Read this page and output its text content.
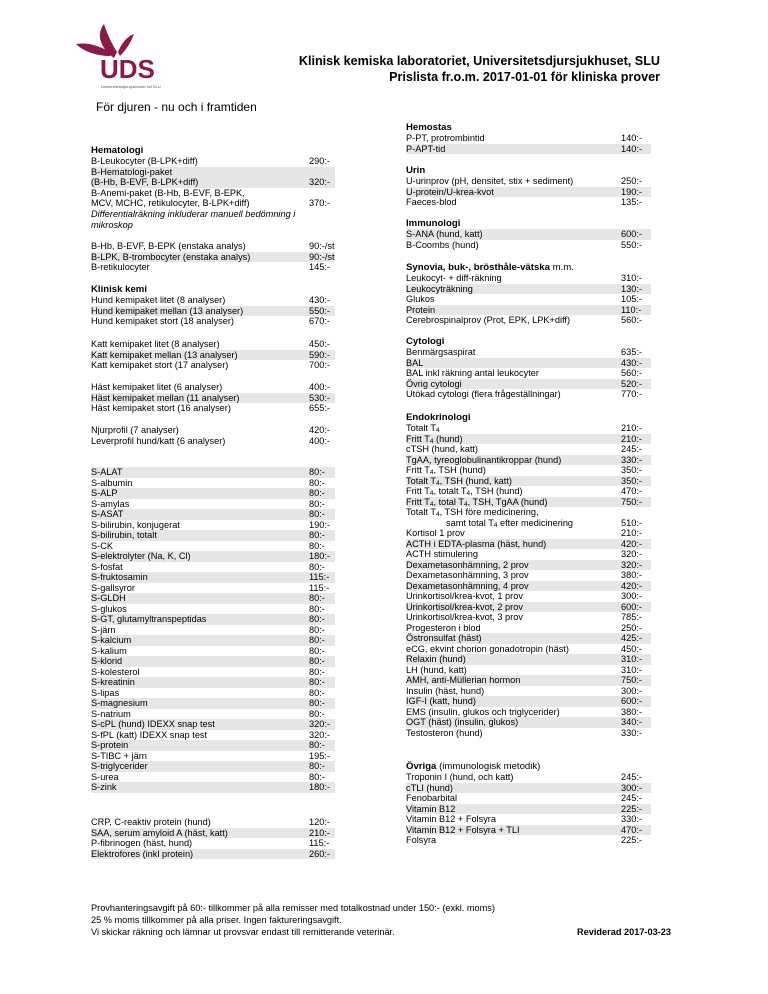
UDS
Universitetsdjursjukhuset vid SLU
Klinisk kemiska laboratoriet, Universitetsdjursjukhuset, SLU
Prislista fr.o.m. 2017-01-01 för kliniska prover
För djuren - nu och i framtiden
Hematologi
B-Leukocyter (B-LPK+diff)	290:-
B-Hematologi-paket
(B-Hb, B-EVF, B-LPK+diff)	320:-
B-Anemi-paket (B-Hb, B-EVF, B-EPK,
MCV, MCHC, retikulocyter, B-LPK+diff)	370:-
Differentialräkning inkluderar manuell bedömning i mikroskop
B-Hb, B-EVF, B-EPK (enstaka analys)	90:-/st
B-LPK, B-trombocyter (enstaka analys)	90:-/st
B-retikulocyter	145:-
Klinisk kemi
Hund kemipaket litet (8 analyser)	430:-
Hund kemipaket mellan (13 analyser)	550:-
Hund kemipaket stort (18 analyser)	670:-
Katt kemipaket litet (8 analyser)	450:-
Katt kemipaket mellan (13 analyser)	590:-
Katt kemipaket stort (17 analyser)	700:-
Häst kemipaket litet (6 analyser)	400:-
Häst kemipaket mellan (11 analyser)	530:-
Häst kemipaket stort (16 analyser)	655:-
Njurprofil (7 analyser)	420:-
Leverprofil hund/katt (6 analyser)	400:-
S-ALAT	80:-
S-albumin	80:-
S-ALP	80:-
S-amylas	80:-
S-ASAT	80:-
S-bilirubin, konjugerat	190:-
S-bilirubin, totalt	80:-
S-CK	80:-
S-elektrolyter (Na, K, Cl)	180:-
S-fosfat	80:-
S-fruktosamin	115:-
S-gallsyror	115:-
S-GLDH	80:-
S-glukos	80:-
S-GT, glutamyltranspeptidas	80:-
S-järn	80:-
S-kalcium	80:-
S-kalium	80:-
S-klorid	80:-
S-kolesterol	80:-
S-kreatinin	80:-
S-lipas	80:-
S-magnesium	80:-
S-natrium	80:-
S-cPL (hund) IDEXX snap test	320:-
S-fPL (katt) IDEXX snap test	320:-
S-protein	80:-
S-TIBC + järn	195:-
S-triglycerider	80:-
S-urea	80:-
S-zink	180:-
CRP, C-reaktiv protein (hund)	120:-
SAA, serum amyloid A (häst, katt)	210:-
P-fibrinogen (häst, hund)	115:-
Elektrofores (inkl protein)	260:-
Hemostas
P-PT, protrombintid	140:-
P-APT-tid	140:-
Urin
U-urinprov (pH, densitet, stix + sediment)	250:-
U-protein/U-krea-kvot	190:-
Faeces-blod	135:-
Immunologi
S-ANA (hund, katt)	600:-
B-Coombs (hund)	550:-
Synovia, buk-, brösthåle-vätska m.m.
Leukocyt- + diff-räkning	310:-
Leukocyträkning	130:-
Glukos	105:-
Protein	110:-
Cerebrospinalprov (Prot, EPK, LPK+diff)	560:-
Cytologi
Benmärgsaspirat	635:-
BAL	430:-
BAL inkl räkning antal leukocyter	560:-
Övrig cytologi	520:-
Utökad cytologi (flera frågeställningar)	770:-
Endokrinologi
Totalt $T_4$	210:-
Fritt $T_4$ (hund)	210:-
cTSH (hund, katt)	245:-
TgAA, tyreoglobulinantikroppar (hund)	330:-
Fritt $T_4$, TSH (hund)	350:-
Totalt $T_4$, TSH (hund, katt)	350:-
Fritt $T_4$, totalt $T_4$, TSH (hund)	470:-
Fritt $T_4$, total $T_4$, TSH, TgAA (hund)	750:-
Totalt $T_4$, TSH före medicinering,
samt total $T_4$ efter medicinering	510:-
Kortisol 1 prov	210:-
ACTH i EDTA-plasma (häst, hund)	420:-
ACTH stimulering	320:-
Dexametasonhämning, 2 prov	320:-
Dexametasonhämning, 3 prov	380:-
Dexametasonhämning, 4 prov	420:-
Urinkortisol/krea-kvot, 1 prov	300:-
Urinkortisol/krea-kvot, 2 prov	600:-
Urinkortisol/krea-kvot, 3 prov	785:-
Progesteron i blod	250:-
Östronsulfat (häst)	425:-
eCG, ekvint chorion gonadotropin (häst)	450:-
Relaxin (hund)	310:-
LH (hund, katt)	310:-
AMH, anti-Müllerian hormon	750:-
Insulin (häst, hund)	300:-
IGF-I (katt, hund)	600:-
EMS (insulin, glukos och triglycerider)	380:-
OGT (häst) (insulin, glukos)	340:-
Testosteron (hund)	330:-
Övriga (immunologisk metodik)
Troponin I (hund, och katt)	245:-
cTLI (hund)	300:-
Fenobarbital	245:-
Vitamin B12	225:-
Vitamin B12 + Folsyra	330:-
Vitamin B12 + Folsyra + TLI	470:-
Folsyra	225:-
Provhanteringsavgift på 60:- tillkommer på alla remisser med totalkostnad under 150:- (exkl. moms)
25 % moms tillkommer på alla priser. Ingen faktureringsavgift.
Vi skickar räkning och lämnar ut provsvar endast till remitterande veterinär.	Reviderad 2017-03-23
